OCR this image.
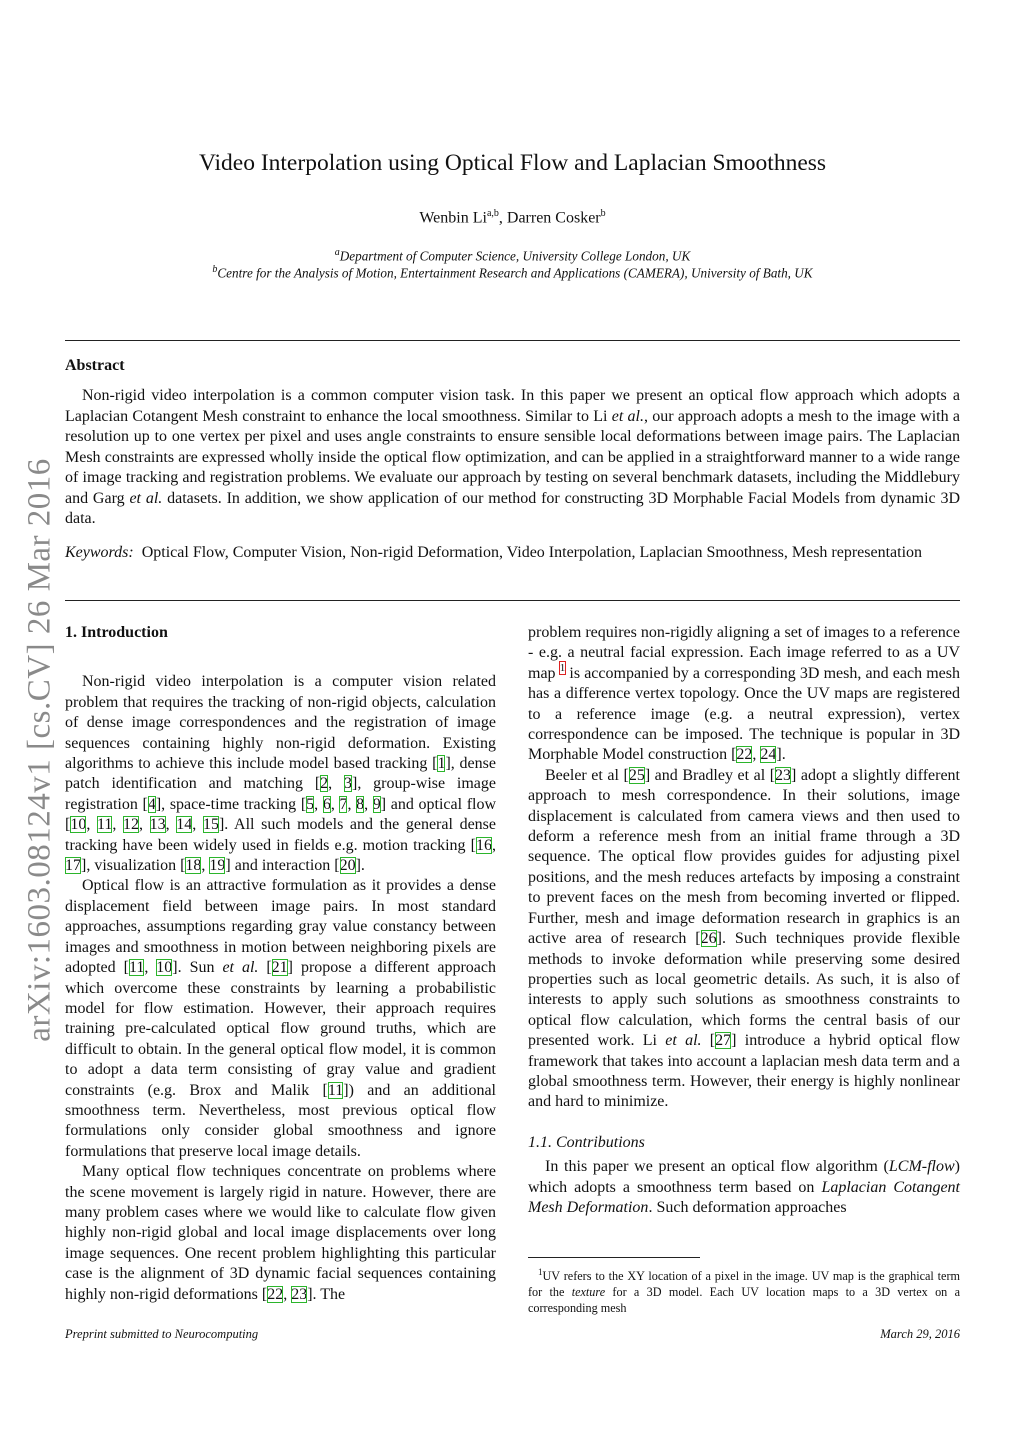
arXiv:1603.08124v1 [cs.CV] 26 Mar 2016
Video Interpolation using Optical Flow and Laplacian Smoothness
Wenbin Li$^{a,b}$, Darren Cosker$^b$
$^a$Department of Computer Science, University College London, UK
$^b$Centre for the Analysis of Motion, Entertainment Research and Applications (CAMERA), University of Bath, UK
Abstract

Non-rigid video interpolation is a common computer vision task. In this paper we present an optical flow approach which adopts a Laplacian Cotangent Mesh constraint to enhance the local smoothness. Similar to Li et al., our approach adopts a mesh to the image with a resolution up to one vertex per pixel and uses angle constraints to ensure sensible local deformations between image pairs. The Laplacian Mesh constraints are expressed wholly inside the optical flow optimization, and can be applied in a straightforward manner to a wide range of image tracking and registration problems. We evaluate our approach by testing on several benchmark datasets, including the Middlebury and Garg et al. datasets. In addition, we show application of our method for constructing 3D Morphable Facial Models from dynamic 3D data.

Keywords: Optical Flow, Computer Vision, Non-rigid Deformation, Video Interpolation, Laplacian Smoothness, Mesh representation

1. Introduction

Non-rigid video interpolation is a computer vision related problem that requires the tracking of non-rigid objects, calculation of dense image correspondences and the registration of image sequences containing highly non-rigid deformation. Existing algorithms to achieve this include model based tracking [1], dense patch identification and matching [2, 3], group-wise image registration [4], space-time tracking [5, 6, 7, 8, 9] and optical flow [10, 11, 12, 13, 14, 15]. All such models and the general dense tracking have been widely used in fields e.g. motion tracking [16, 17], visualization [18, 19] and interaction [20].

Optical flow is an attractive formulation as it provides a dense displacement field between image pairs. In most standard approaches, assumptions regarding gray value constancy between images and smoothness in motion between neighboring pixels are adopted [11, 10]. Sun et al. [21] propose a different approach which overcome these constraints by learning a probabilistic model for flow estimation. However, their approach requires training pre-calculated optical flow ground truths, which are difficult to obtain. In the general optical flow model, it is common to adopt a data term consisting of gray value and gradient constraints (e.g. Brox and Malik [11]) and an additional smoothness term. Nevertheless, most previous optical flow formulations only consider global smoothness and ignore formulations that preserve local image details.

Many optical flow techniques concentrate on problems where the scene movement is largely rigid in nature. However, there are many problem cases where we would like to calculate flow given highly non-rigid global and local image displacements over long image sequences. One recent problem highlighting this particular case is the alignment of 3D dynamic facial sequences containing highly non-rigid deformations [22, 23]. The

problem requires non-rigidly aligning a set of images to a reference - e.g. a neutral facial expression. Each image referred to as a UV map $^1$ is accompanied by a corresponding 3D mesh, and each mesh has a difference vertex topology. Once the UV maps are registered to a reference image (e.g. a neutral expression), vertex correspondence can be imposed. The technique is popular in 3D Morphable Model construction [22, 24].

Beeler et al [25] and Bradley et al [23] adopt a slightly different approach to mesh correspondence. In their solutions, image displacement is calculated from camera views and then used to deform a reference mesh from an initial frame through a 3D sequence. The optical flow provides guides for adjusting pixel positions, and the mesh reduces artefacts by imposing a constraint to prevent faces on the mesh from becoming inverted or flipped. Further, mesh and image deformation research in graphics is an active area of research [26]. Such techniques provide flexible methods to invoke deformation while preserving some desired properties such as local geometric details. As such, it is also of interests to apply such solutions as smoothness constraints to optical flow calculation, which forms the central basis of our presented work. Li et al. [27] introduce a hybrid optical flow framework that takes into account a laplacian mesh data term and a global smoothness term. However, their energy is highly nonlinear and hard to minimize.

1.1. Contributions

In this paper we present an optical flow algorithm (LCM-flow) which adopts a smoothness term based on Laplacian Cotangent Mesh Deformation. Such deformation approaches

$^1$UV refers to the XY location of a pixel in the image. UV map is the graphical term for the texture for a 3D model. Each UV location maps to a 3D vertex on a corresponding mesh

Preprint submitted to Neurocomputing	March 29, 2016
